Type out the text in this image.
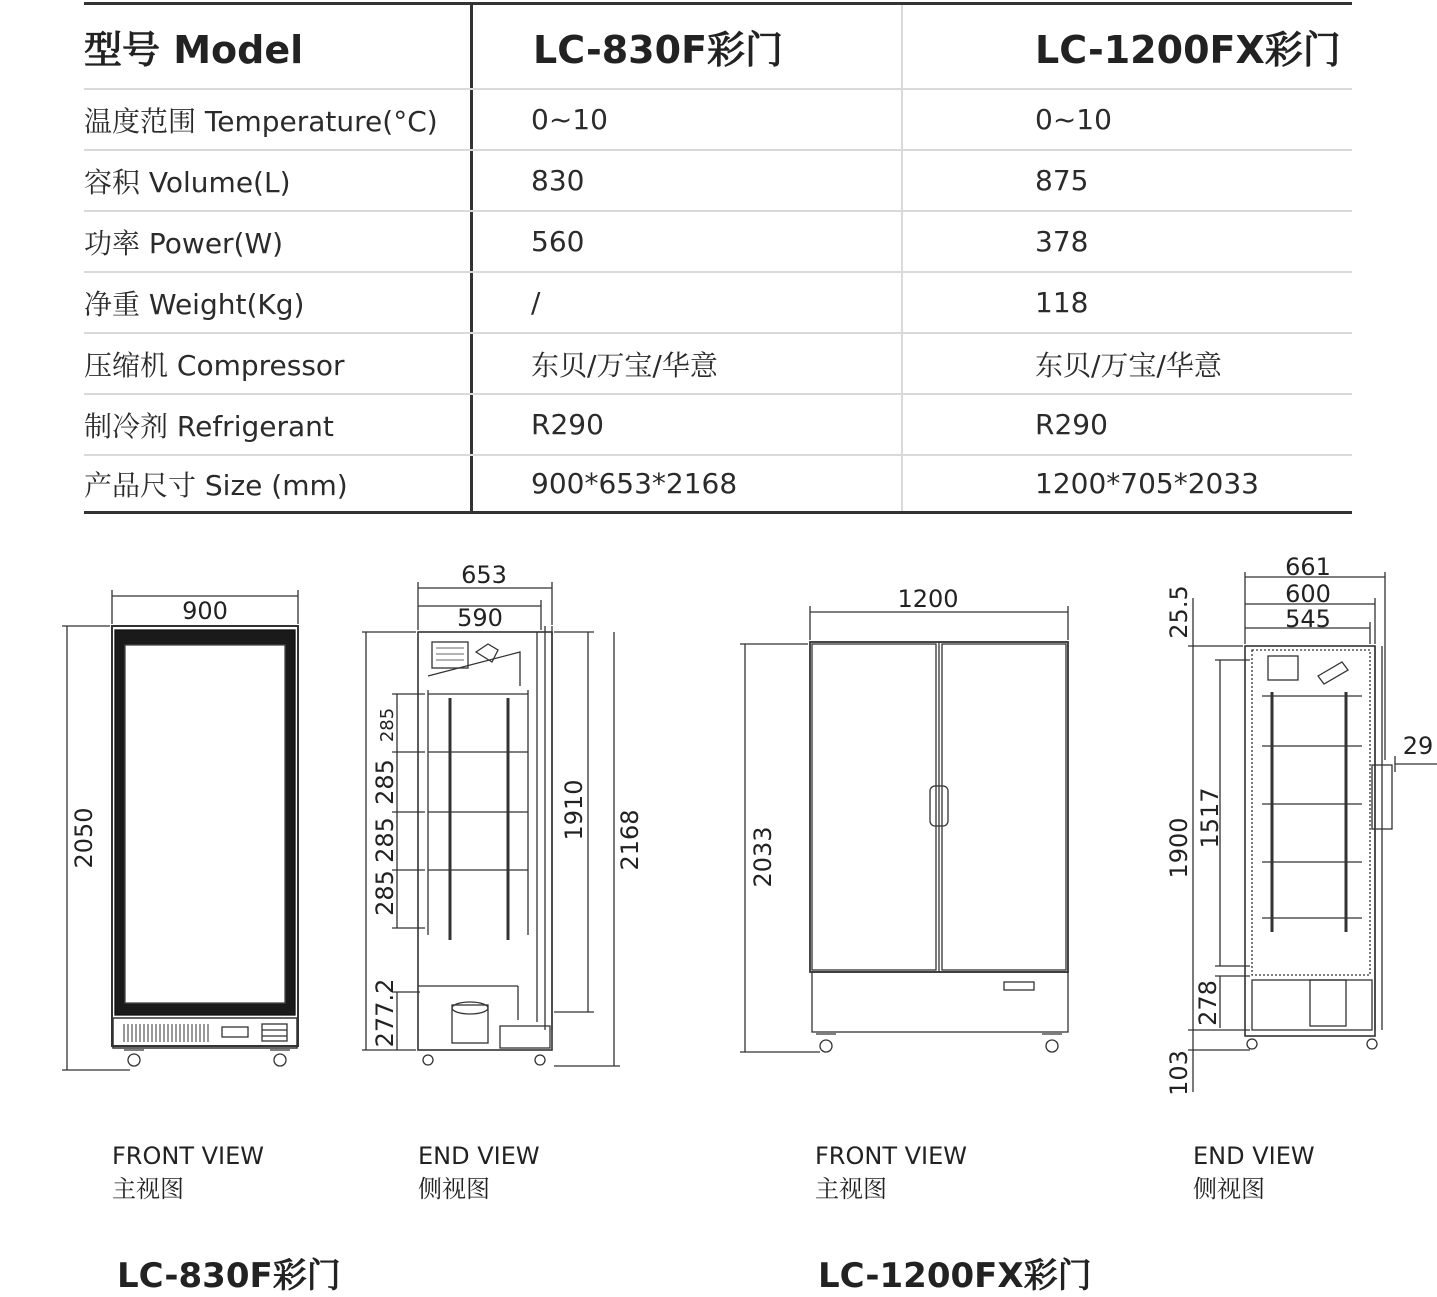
型号 Model	LC-830F彩门	LC-1200FX彩门
温度范围 Temperature(°C)	0~10	0~10
容积 Volume(L)	830	875
功率 Power(W)	560	378
净重 Weight(Kg)	/	118
压缩机 Compressor	东贝/万宝/华意	东贝/万宝/华意
制冷剂 Refrigerant	R290	R290
产品尺寸 Size (mm)	900*653*2168	1200*705*2033
900
2050
653
590
285
285
285
285
277.2
1910 2168
1200
2033
661
600
545
25.5
29
1517
1900
278
103
FRONT VIEW
主视图
END VIEW
侧视图
FRONT VIEW
主视图
END VIEW
侧视图
LC-830F彩门	LC-1200FX彩门
